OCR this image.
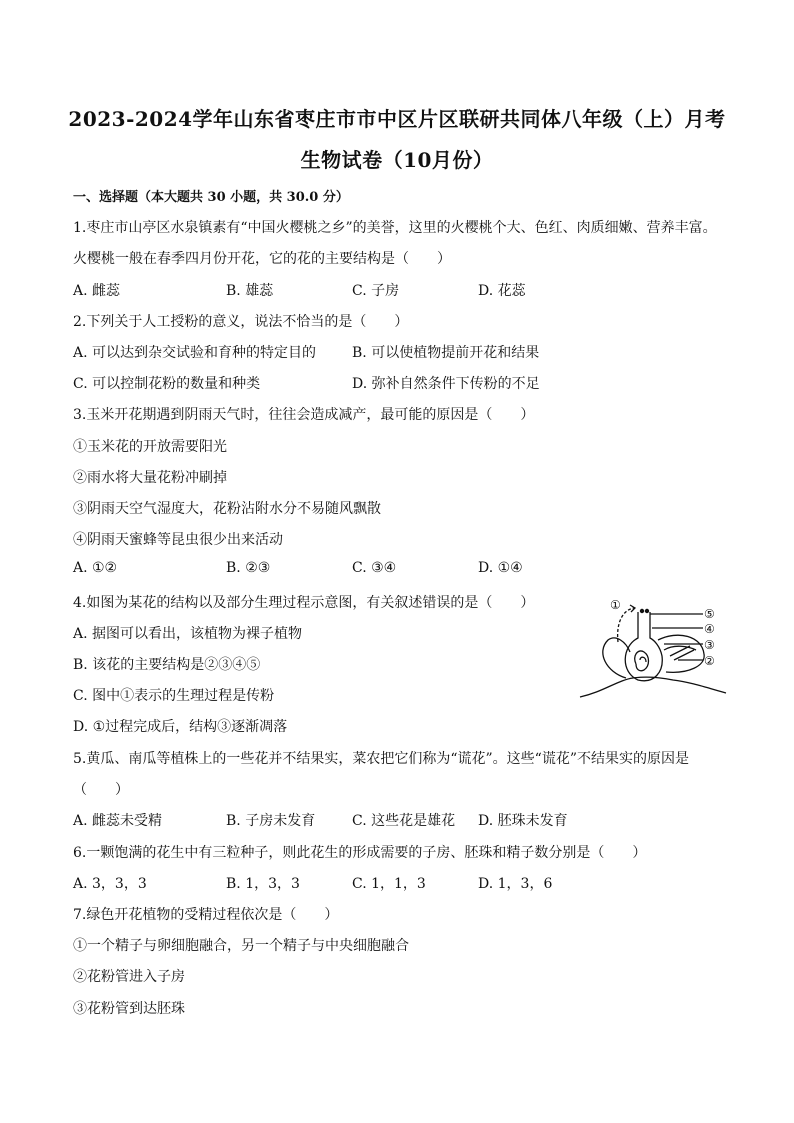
2023-2024学年山东省枣庄市市中区片区联研共同体八年级（上）月考
生物试卷（10月份）
一、选择题（本大题共 30 小题，共 30.0 分）
1.枣庄市山亭区水泉镇素有“中国火樱桃之乡”的美誉，这里的火樱桃个大、色红、肉质细嫩、营养丰富。
火樱桃一般在春季四月份开花，它的花的主要结构是（　　）
A. 雌蕊	B. 雄蕊	C. 子房	D. 花蕊
2.下列关于人工授粉的意义，说法不恰当的是（　　）
A. 可以达到杂交试验和育种的特定目的	B. 可以使植物提前开花和结果
C. 可以控制花粉的数量和种类	D. 弥补自然条件下传粉的不足
3.玉米开花期遇到阴雨天气时，往往会造成减产，最可能的原因是（　　）
①玉米花的开放需要阳光
②雨水将大量花粉冲刷掉
③阴雨天空气湿度大，花粉沾附水分不易随风飘散
④阴雨天蜜蜂等昆虫很少出来活动
A. ①②	B. ②③	C. ③④	D. ①④
4.如图为某花的结构以及部分生理过程示意图，有关叙述错误的是（　　）
A. 据图可以看出，该植物为裸子植物
B. 该花的主要结构是②③④⑤
C. 图中①表示的生理过程是传粉
D. ①过程完成后，结构③逐渐凋落
①
⑤
④
③
②
5.黄瓜、南瓜等植株上的一些花并不结果实，菜农把它们称为“谎花”。这些“谎花”不结果实的原因是
（　　）
A. 雌蕊未受精	B. 子房未发育	C. 这些花是雄花 D. 胚珠未发育
6.一颗饱满的花生中有三粒种子，则此花生的形成需要的子房、胚珠和精子数分别是（　　）
A. 3，3，3	B. 1，3，3	C. 1，1，3	D. 1，3，6
7.绿色开花植物的受精过程依次是（　　）
①一个精子与卵细胞融合，另一个精子与中央细胞融合
②花粉管进入子房
③花粉管到达胚珠
